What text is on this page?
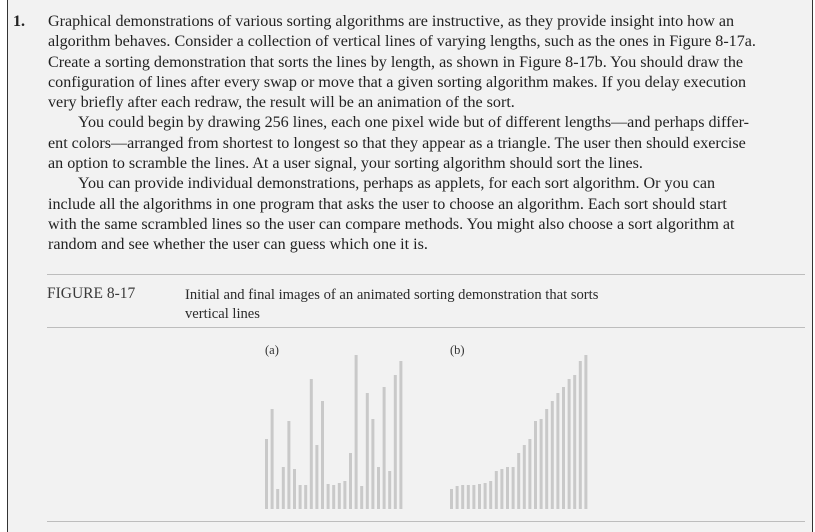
1. Graphical demonstrations of various sorting algorithms are instructive, as they provide insight into how an
algorithm behaves. Consider a collection of vertical lines of varying lengths, such as the ones in Figure 8-17a.
Create a sorting demonstration that sorts the lines by length, as shown in Figure 8-17b. You should draw the
configuration of lines after every swap or move that a given sorting algorithm makes. If you delay execution
very briefly after each redraw, the result will be an animation of the sort.
You could begin by drawing 256 lines, each one pixel wide but of different lengths—and perhaps differ-
ent colors—arranged from shortest to longest so that they appear as a triangle. The user then should exercise
an option to scramble the lines. At a user signal, your sorting algorithm should sort the lines.
You can provide individual demonstrations, perhaps as applets, for each sort algorithm. Or you can
include all the algorithms in one program that asks the user to choose an algorithm. Each sort should start
with the same scrambled lines so the user can compare methods. You might also choose a sort algorithm at
random and see whether the user can guess which one it is.
FIGURE 8-17	Initial and final images of an animated sorting demonstration that sorts
vertical lines
(a)	(b)
